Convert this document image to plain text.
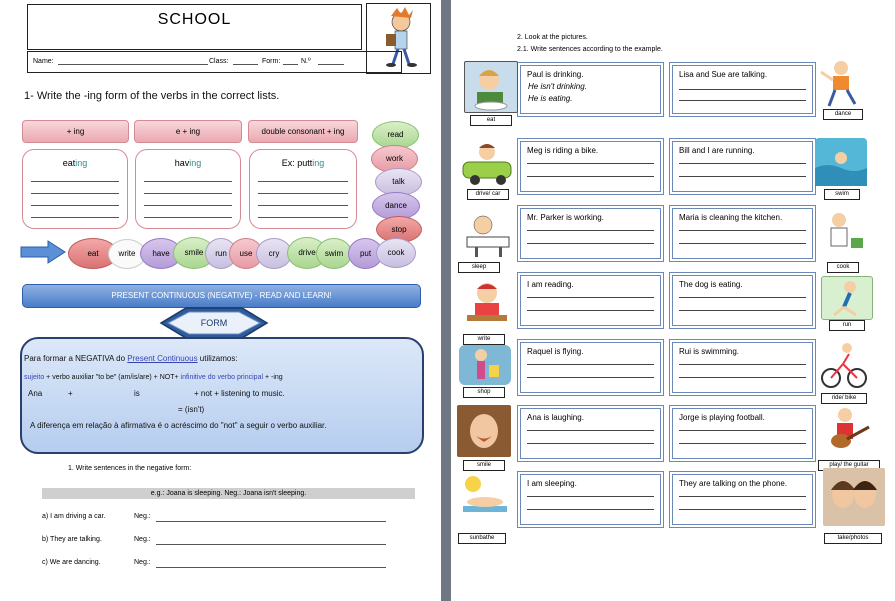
SCHOOL
Name:	Class:	Form:	N.º
1- Write the -ing form of the verbs in the correct lists.
+ ing	e + ing	double consonant + ing
eating	having	Ex: putting
read
work
talk
dance
stop
eat	write	have	smile	run	use	cry	drive	swim	put	cook
PRESENT CONTINUOUS (NEGATIVE) - READ AND LEARN!
FORM
Para formar a NEGATIVA do Present Continuous utilizamos:
sujeito + verbo auxiliar "to be" (am/is/are) + NOT+ infinitive do verbo principal + -ing
Ana	+	is	+ not + listening to music.
= (isn't)
A diferença em relação à afirmativa é o acréscimo do "not" a seguir o verbo auxiliar.
1. Write sentences in the negative form:
e.g.: Joana is sleeping. Neg.: Joana isn't sleeping.
a) I am driving a car.	Neg.:
b) They are talking.	Neg.:
c) We are dancing.	Neg.:
2. Look at the pictures.
2.1. Write sentences according to the example.
Paul is drinking.
He isn't drinking.
He is eating.
Lisa and Sue are talking.
Meg is riding a bike.	Bill and I are running.
Mr. Parker is working.	Maria is cleaning the kitchen.
I am reading.	The dog is eating.
Raquel is flying.	Rui is swimming.
Ana is laughing.	Jorge is playing football.
I am sleeping.	They are talking on the phone.
eat
drive/ car
sleep
write
shop
smile
sunbathe
dance
swim
cook
run
ride/ bike
play/ the guitar
take/photos
